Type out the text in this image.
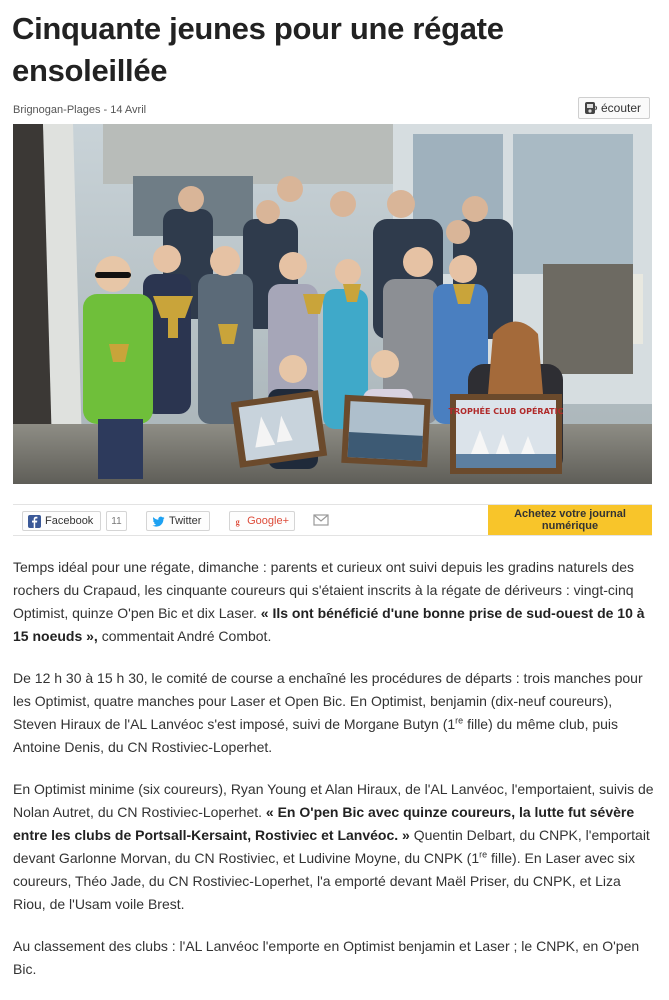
Cinquante jeunes pour une régate ensoleillée
Brignogan-Plages - 14 Avril	écouter
TROPHÉE CLUB OPÉRATIC
Facebook	11	Twitter	g Google+
Achetez votre journal
numérique

Temps idéal pour une régate, dimanche : parents et curieux ont suivi depuis les gradins naturels des rochers du Crapaud, les cinquante coureurs qui s'étaient inscrits à la régate de dériveurs : vingt-cinq Optimist, quinze O'pen Bic et dix Laser. « Ils ont bénéficié d'une bonne prise de sud-ouest de 10 à 15 noeuds », commentait André Combot.

De 12 h 30 à 15 h 30, le comité de course a enchaîné les procédures de départs : trois manches pour les Optimist, quatre manches pour Laser et Open Bic. En Optimist, benjamin (dix-neuf coureurs), Steven Hiraux de l'AL Lanvéoc s'est imposé, suivi de Morgane Butyn (1re fille) du même club, puis Antoine Denis, du CN Rostiviec-Loperhet.

En Optimist minime (six coureurs), Ryan Young et Alan Hiraux, de l'AL Lanvéoc, l'emportaient, suivis de Nolan Autret, du CN Rostiviec-Loperhet. « En O'pen Bic avec quinze coureurs, la lutte fut sévère entre les clubs de Portsall-Kersaint, Rostiviec et Lanvéoc. » Quentin Delbart, du CNPK, l'emportait devant Garlonne Morvan, du CN Rostiviec, et Ludivine Moyne, du CNPK (1re fille). En Laser avec six coureurs, Théo Jade, du CN Rostiviec-Loperhet, l'a emporté devant Maël Priser, du CNPK, et Liza Riou, de l'Usam voile Brest.

Au classement des clubs : l'AL Lanvéoc l'emporte en Optimist benjamin et Laser ; le CNPK, en O'pen Bic.
